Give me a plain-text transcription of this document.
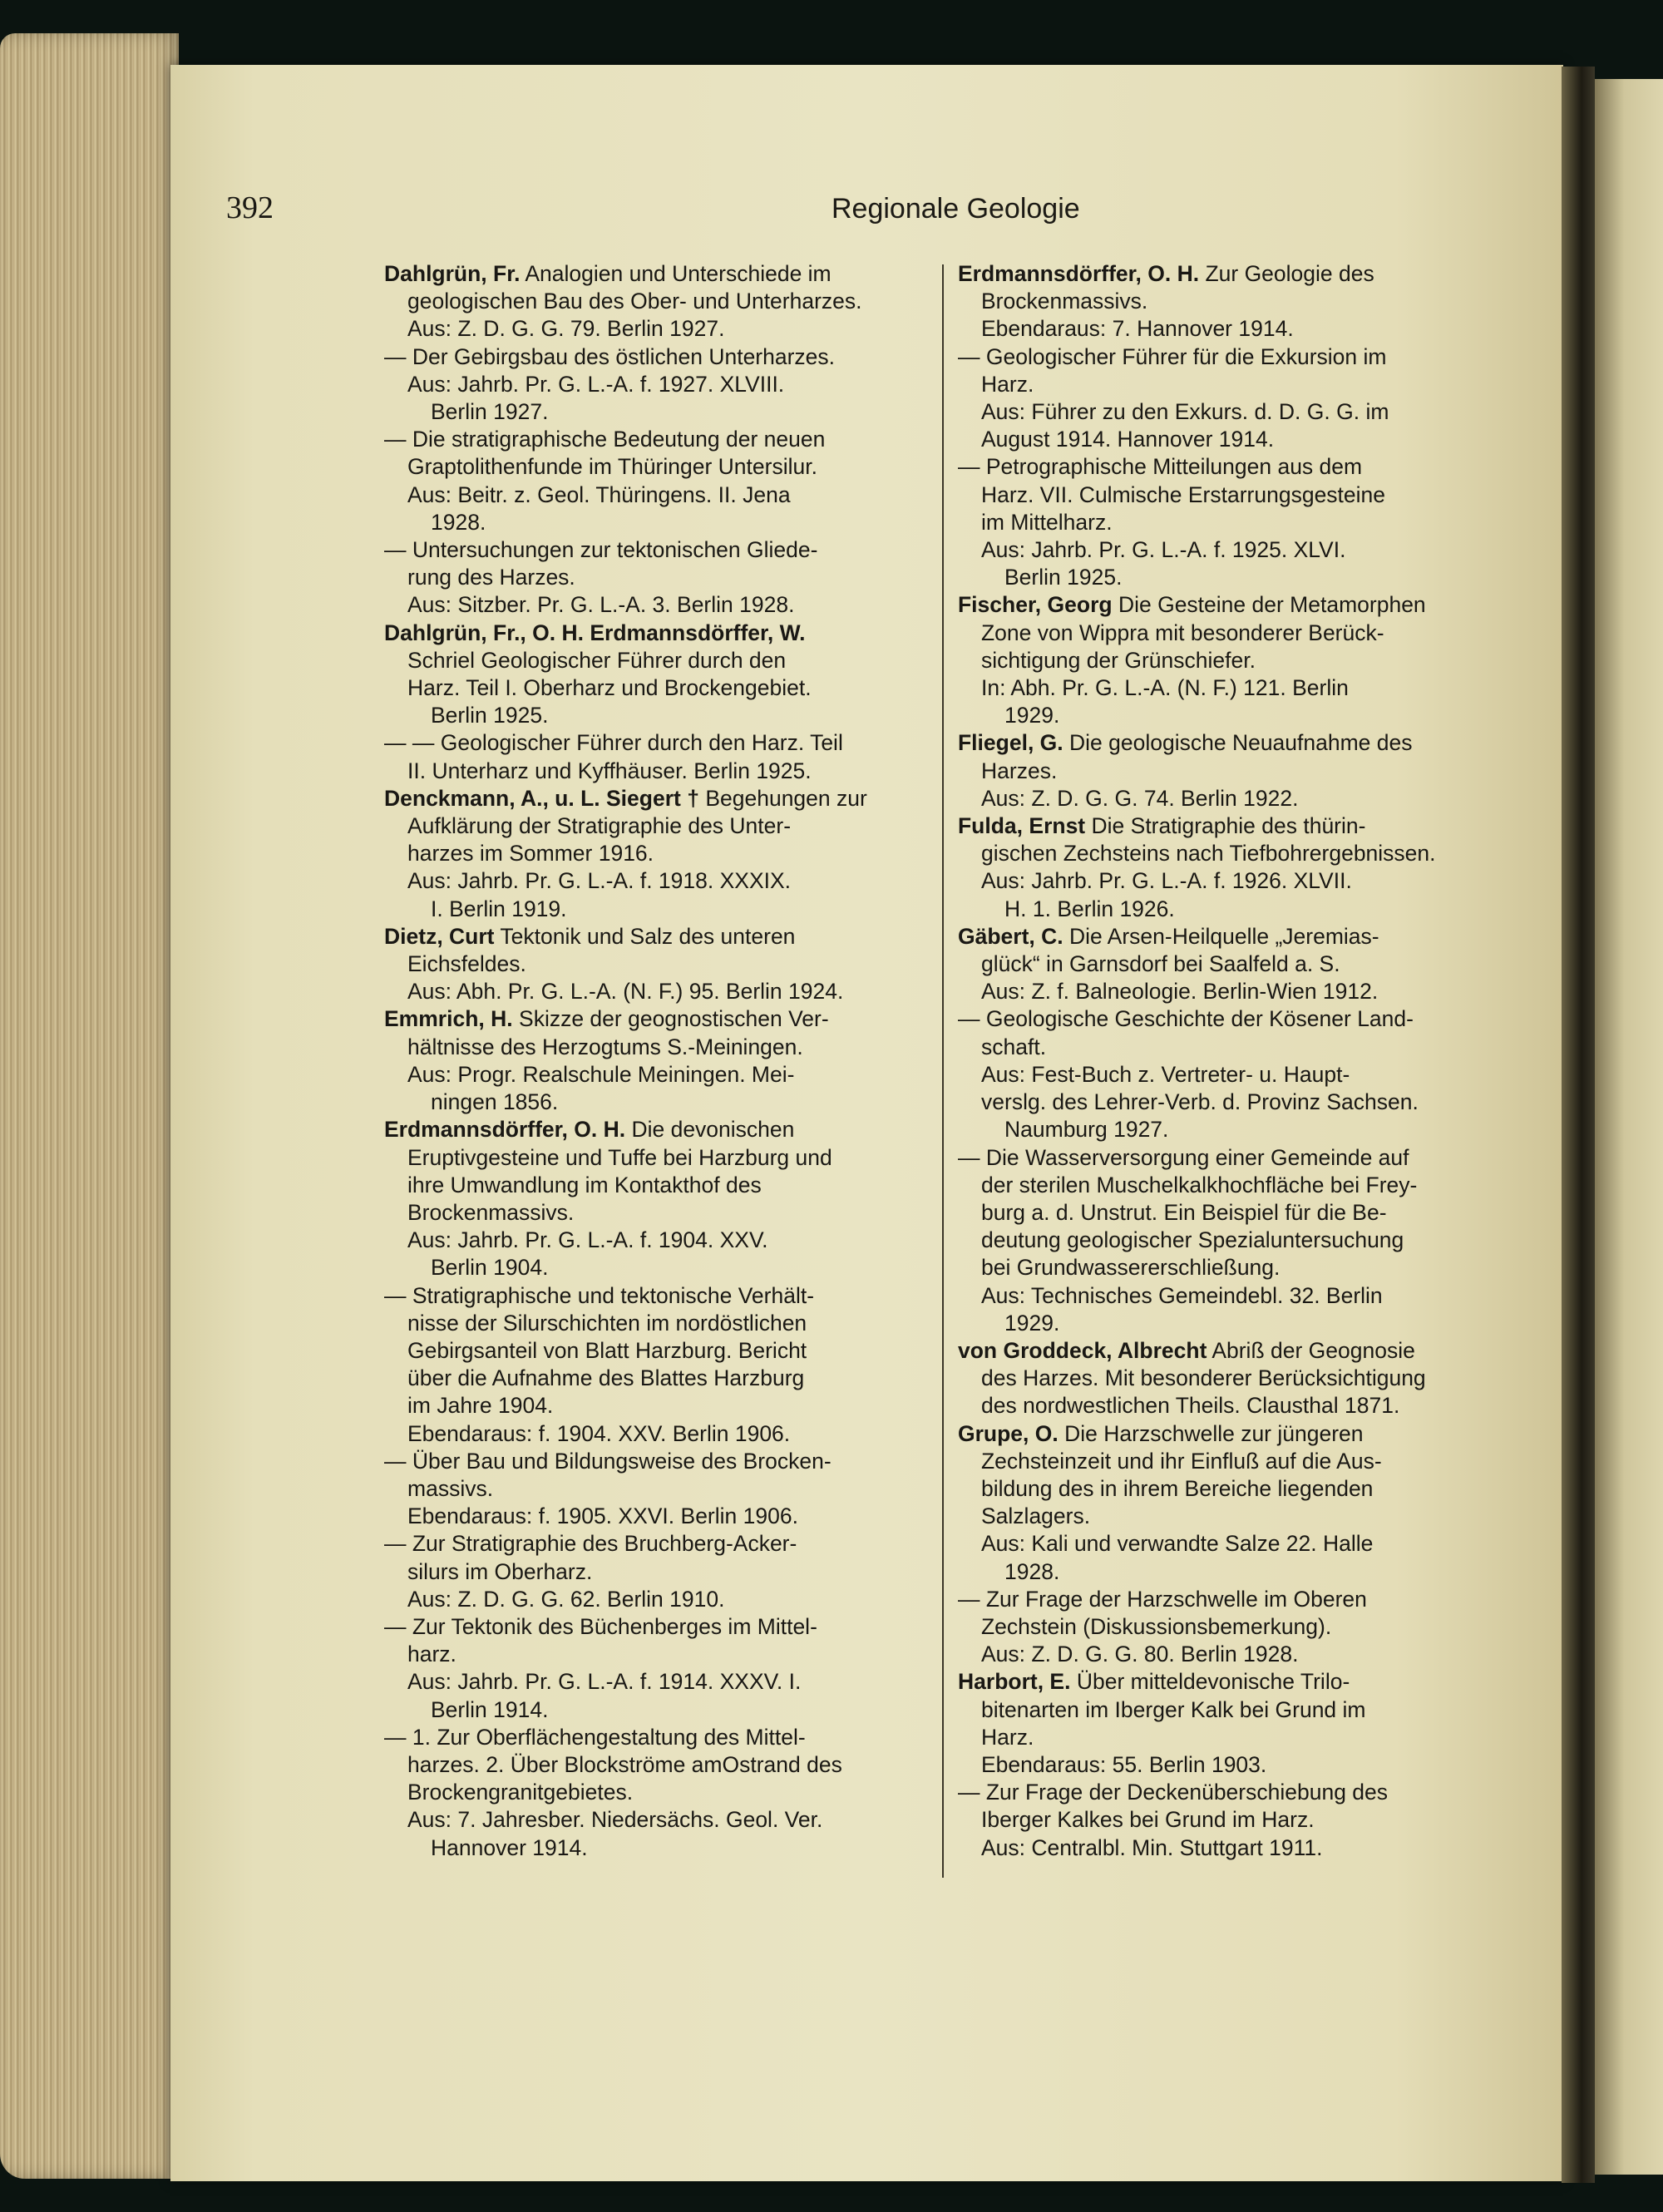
392	Regionale Geologie

Dahlgrün, Fr. Analogien und Unterschiede im
geologischen Bau des Ober- und Unterharzes.
Aus: Z. D. G. G. 79. Berlin 1927.
— Der Gebirgsbau des östlichen Unterharzes.
Aus: Jahrb. Pr. G. L.-A. f. 1927. XLVIII.
Berlin 1927.
— Die stratigraphische Bedeutung der neuen
Graptolithenfunde im Thüringer Untersilur.
Aus: Beitr. z. Geol. Thüringens. II. Jena
1928.
— Untersuchungen zur tektonischen Gliede-
rung des Harzes.
Aus: Sitzber. Pr. G. L.-A. 3. Berlin 1928.
Dahlgrün, Fr., O. H. Erdmannsdörffer, W.
Schriel Geologischer Führer durch den
Harz. Teil I. Oberharz und Brockengebiet.
Berlin 1925.
— — Geologischer Führer durch den Harz. Teil
II. Unterharz und Kyffhäuser. Berlin 1925.
Denckmann, A., u. L. Siegert † Begehungen zur
Aufklärung der Stratigraphie des Unter-
harzes im Sommer 1916.
Aus: Jahrb. Pr. G. L.-A. f. 1918. XXXIX.
I. Berlin 1919.
Dietz, Curt Tektonik und Salz des unteren
Eichsfeldes.
Aus: Abh. Pr. G. L.-A. (N. F.) 95. Berlin 1924.
Emmrich, H. Skizze der geognostischen Ver-
hältnisse des Herzogtums S.-Meiningen.
Aus: Progr. Realschule Meiningen. Mei-
ningen 1856.
Erdmannsdörffer, O. H. Die devonischen
Eruptivgesteine und Tuffe bei Harzburg und
ihre Umwandlung im Kontakthof des
Brockenmassivs.
Aus: Jahrb. Pr. G. L.-A. f. 1904. XXV.
Berlin 1904.
— Stratigraphische und tektonische Verhält-
nisse der Silurschichten im nordöstlichen
Gebirgsanteil von Blatt Harzburg. Bericht
über die Aufnahme des Blattes Harzburg
im Jahre 1904.
Ebendaraus: f. 1904. XXV. Berlin 1906.
— Über Bau und Bildungsweise des Brocken-
massivs.
Ebendaraus: f. 1905. XXVI. Berlin 1906.
— Zur Stratigraphie des Bruchberg-Acker-
silurs im Oberharz.
Aus: Z. D. G. G. 62. Berlin 1910.
— Zur Tektonik des Büchenberges im Mittel-
harz.
Aus: Jahrb. Pr. G. L.-A. f. 1914. XXXV. I.
Berlin 1914.
— 1. Zur Oberflächengestaltung des Mittel-
harzes. 2. Über Blockströme amOstrand des
Brockengranitgebietes.
Aus: 7. Jahresber. Niedersächs. Geol. Ver.
Hannover 1914.
Erdmannsdörffer, O. H. Zur Geologie des
Brockenmassivs.
Ebendaraus: 7. Hannover 1914.
— Geologischer Führer für die Exkursion im
Harz.
Aus: Führer zu den Exkurs. d. D. G. G. im
August 1914. Hannover 1914.
— Petrographische Mitteilungen aus dem
Harz. VII. Culmische Erstarrungsgesteine
im Mittelharz.
Aus: Jahrb. Pr. G. L.-A. f. 1925. XLVI.
Berlin 1925.
Fischer, Georg Die Gesteine der Metamorphen
Zone von Wippra mit besonderer Berück-
sichtigung der Grünschiefer.
In: Abh. Pr. G. L.-A. (N. F.) 121. Berlin
1929.
Fliegel, G. Die geologische Neuaufnahme des
Harzes.
Aus: Z. D. G. G. 74. Berlin 1922.
Fulda, Ernst Die Stratigraphie des thürin-
gischen Zechsteins nach Tiefbohrergebnissen.
Aus: Jahrb. Pr. G. L.-A. f. 1926. XLVII.
H. 1. Berlin 1926.
Gäbert, C. Die Arsen-Heilquelle „Jeremias-
glück“ in Garnsdorf bei Saalfeld a. S.
Aus: Z. f. Balneologie. Berlin-Wien 1912.
— Geologische Geschichte der Kösener Land-
schaft.
Aus: Fest-Buch z. Vertreter- u. Haupt-
verslg. des Lehrer-Verb. d. Provinz Sachsen.
Naumburg 1927.
— Die Wasserversorgung einer Gemeinde auf
der sterilen Muschelkalkhochfläche bei Frey-
burg a. d. Unstrut. Ein Beispiel für die Be-
deutung geologischer Spezialuntersuchung
bei Grundwassererschließung.
Aus: Technisches Gemeindebl. 32. Berlin
1929.
von Groddeck, Albrecht Abriß der Geognosie
des Harzes. Mit besonderer Berücksichtigung
des nordwestlichen Theils. Clausthal 1871.
Grupe, O. Die Harzschwelle zur jüngeren
Zechsteinzeit und ihr Einfluß auf die Aus-
bildung des in ihrem Bereiche liegenden
Salzlagers.
Aus: Kali und verwandte Salze 22. Halle
1928.
— Zur Frage der Harzschwelle im Oberen
Zechstein (Diskussionsbemerkung).
Aus: Z. D. G. G. 80. Berlin 1928.
Harbort, E. Über mitteldevonische Trilo-
bitenarten im Iberger Kalk bei Grund im
Harz.
Ebendaraus: 55. Berlin 1903.
— Zur Frage der Deckenüberschiebung des
Iberger Kalkes bei Grund im Harz.
Aus: Centralbl. Min. Stuttgart 1911.
